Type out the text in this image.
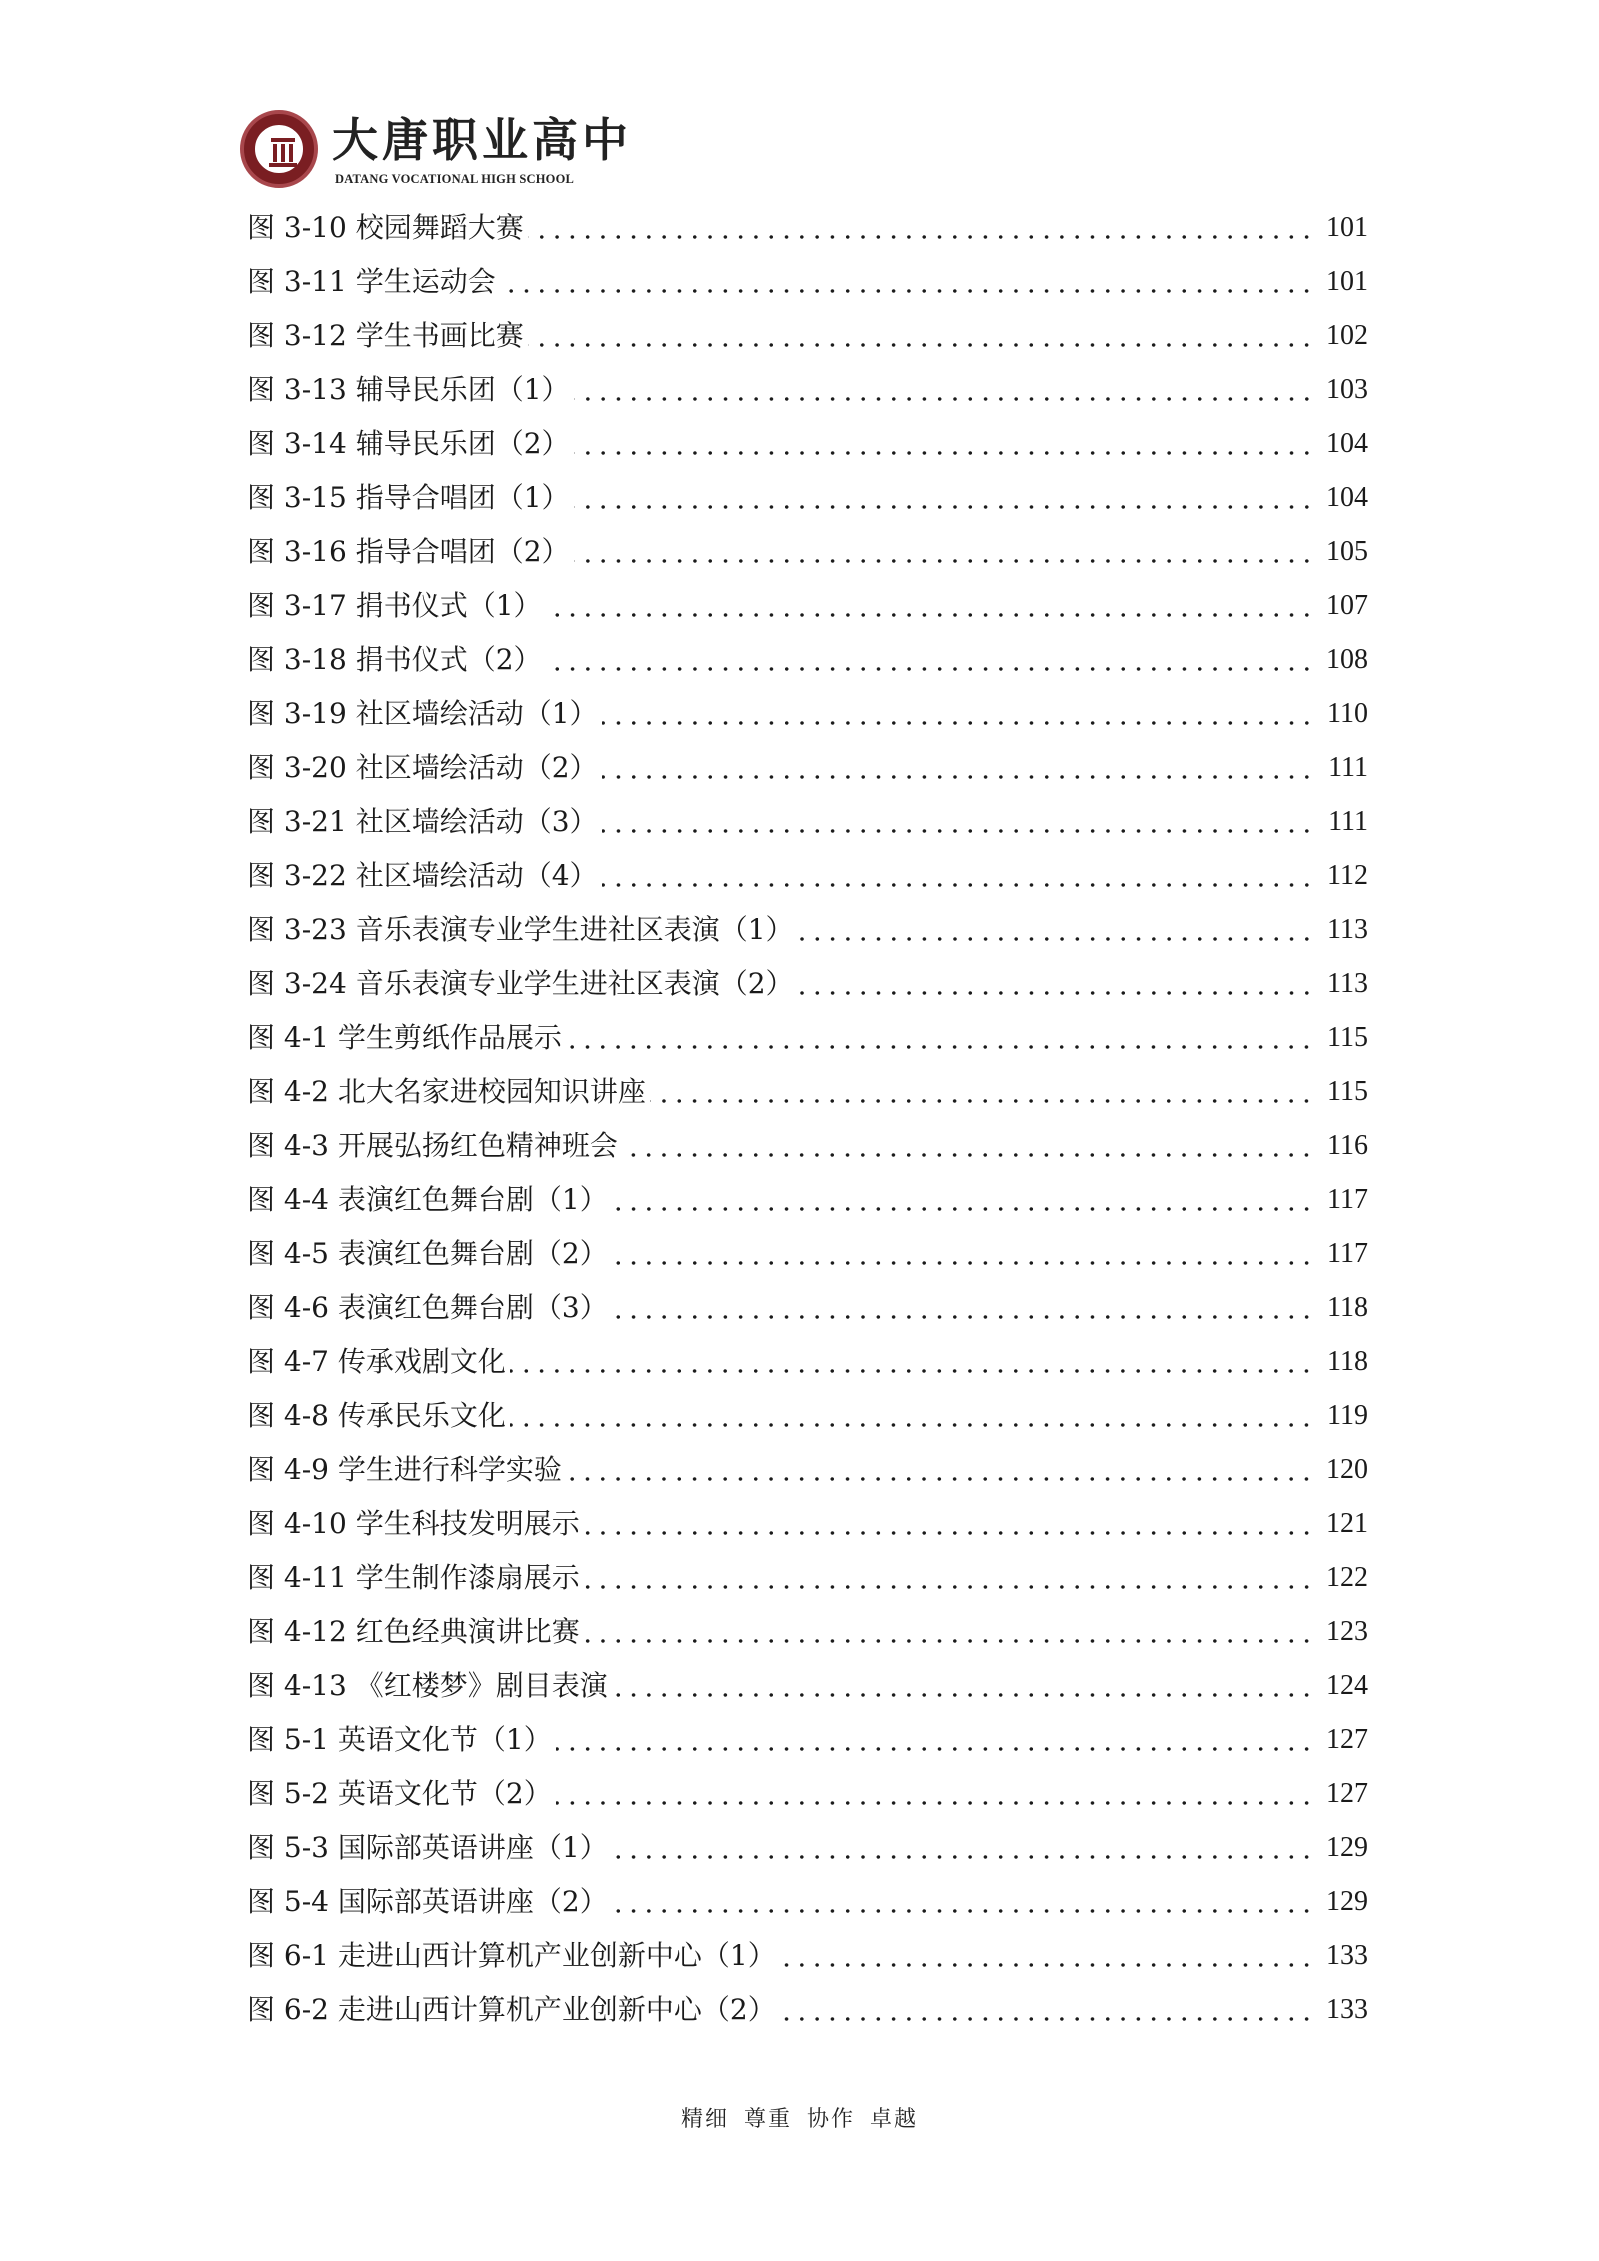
大唐职业高中
DATANG VOCATIONAL HIGH SCHOOL
图 3-10 校园舞蹈大赛	101
图 3-11 学生运动会	101
图 3-12 学生书画比赛	102
图 3-13 辅导民乐团（1）	103
图 3-14 辅导民乐团（2）	104
图 3-15 指导合唱团（1）	104
图 3-16 指导合唱团（2）	105
图 3-17 捐书仪式（1）	107
图 3-18 捐书仪式（2）	108
图 3-19 社区墙绘活动（1）	110
图 3-20 社区墙绘活动（2）	111
图 3-21 社区墙绘活动（3）	111
图 3-22 社区墙绘活动（4）	112
图 3-23 音乐表演专业学生进社区表演（1）	113
图 3-24 音乐表演专业学生进社区表演（2）	113
图 4-1 学生剪纸作品展示	115
图 4-2 北大名家进校园知识讲座	115
图 4-3 开展弘扬红色精神班会	116
图 4-4 表演红色舞台剧（1）	117
图 4-5 表演红色舞台剧（2）	117
图 4-6 表演红色舞台剧（3）	118
图 4-7 传承戏剧文化	118
图 4-8 传承民乐文化	119
图 4-9 学生进行科学实验	120
图 4-10 学生科技发明展示	121
图 4-11 学生制作漆扇展示	122
图 4-12 红色经典演讲比赛	123
图 4-13 《红楼梦》剧目表演	124
图 5-1 英语文化节（1）	127
图 5-2 英语文化节（2）	127
图 5-3 国际部英语讲座（1）	129
图 5-4 国际部英语讲座（2）	129
图 6-1 走进山西计算机产业创新中心（1）	133
图 6-2 走进山西计算机产业创新中心（2）	133
精细 尊重 协作 卓越
